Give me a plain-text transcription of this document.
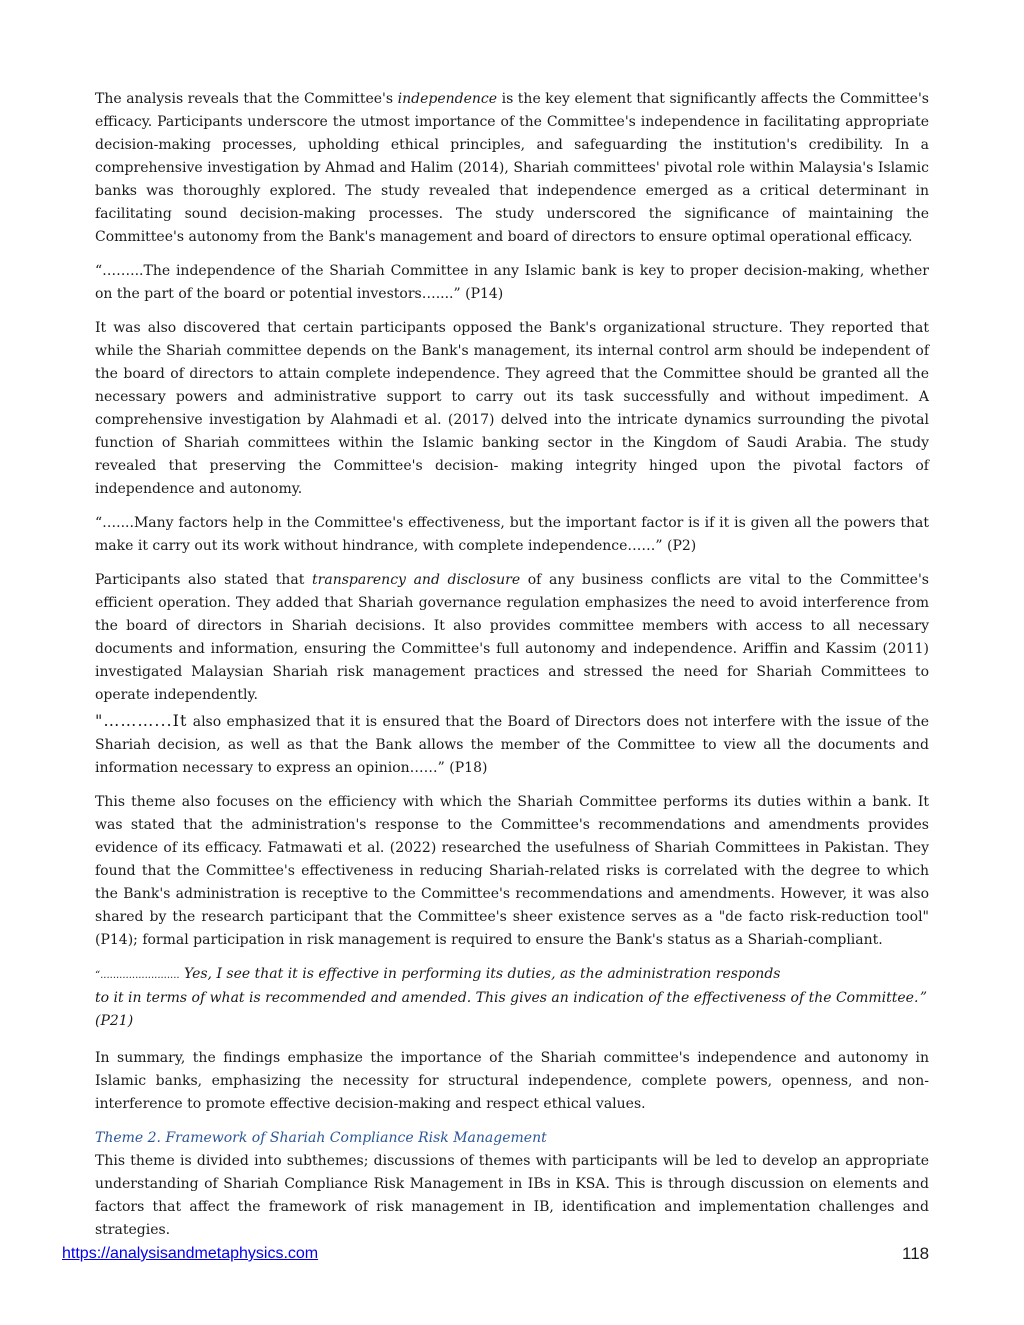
The analysis reveals that the Committee's independence is the key element that significantly affects the Committee's efficacy. Participants underscore the utmost importance of the Committee's independence in facilitating appropriate decision-making processes, upholding ethical principles, and safeguarding the institution's credibility. In a comprehensive investigation by Ahmad and Halim (2014), Shariah committees' pivotal role within Malaysia's Islamic banks was thoroughly explored. The study revealed that independence emerged as a critical determinant in facilitating sound decision-making processes. The study underscored the significance of maintaining the Committee's autonomy from the Bank's management and board of directors to ensure optimal operational efficacy.

“……...The independence of the Shariah Committee in any Islamic bank is key to proper decision-making, whether on the part of the board or potential investors…....” (P14)

It was also discovered that certain participants opposed the Bank's organizational structure. They reported that while the Shariah committee depends on the Bank's management, its internal control arm should be independent of the board of directors to attain complete independence. They agreed that the Committee should be granted all the necessary powers and administrative support to carry out its task successfully and without impediment. A comprehensive investigation by Alahmadi et al. (2017) delved into the intricate dynamics surrounding the pivotal function of Shariah committees within the Islamic banking sector in the Kingdom of Saudi Arabia. The study revealed that preserving the Committee's decision- making integrity hinged upon the pivotal factors of independence and autonomy.

“…....Many factors help in the Committee's effectiveness, but the important factor is if it is given all the powers that make it carry out its work without hindrance, with complete independence……” (P2)

Participants also stated that transparency and disclosure of any business conflicts are vital to the Committee's efficient operation. They added that Shariah governance regulation emphasizes the need to avoid interference from the board of directors in Shariah decisions. It also provides committee members with access to all necessary documents and information, ensuring the Committee's full autonomy and independence. Ariffin and Kassim (2011) investigated Malaysian Shariah risk management practices and stressed the need for Shariah Committees to operate independently.

"………...It also emphasized that it is ensured that the Board of Directors does not interfere with the issue of the Shariah decision, as well as that the Bank allows the member of the Committee to view all the documents and information necessary to express an opinion……” (P18)

This theme also focuses on the efficiency with which the Shariah Committee performs its duties within a bank. It was stated that the administration's response to the Committee's recommendations and amendments provides evidence of its efficacy. Fatmawati et al. (2022) researched the usefulness of Shariah Committees in Pakistan. They found that the Committee's effectiveness in reducing Shariah-related risks is correlated with the degree to which the Bank's administration is receptive to the Committee's recommendations and amendments. However, it was also shared by the research participant that the Committee's sheer existence serves as a "de facto risk-reduction tool" (P14); formal participation in risk management is required to ensure the Bank's status as a Shariah-compliant.

“......................... Yes, I see that it is effective in performing its duties, as the administration responds
to it in terms of what is recommended and amended. This gives an indication of the effectiveness of the Committee. ”
(P21)

In summary, the findings emphasize the importance of the Shariah committee's independence and autonomy in Islamic banks, emphasizing the necessity for structural independence, complete powers, openness, and non-interference to promote effective decision-making and respect ethical values.

Theme 2. Framework of Shariah Compliance Risk Management

This theme is divided into subthemes; discussions of themes with participants will be led to develop an appropriate understanding of Shariah Compliance Risk Management in IBs in KSA. This is through discussion on elements and factors that affect the framework of risk management in IB, identification and implementation challenges and strategies.

https://analysisandmetaphysics.com	118
